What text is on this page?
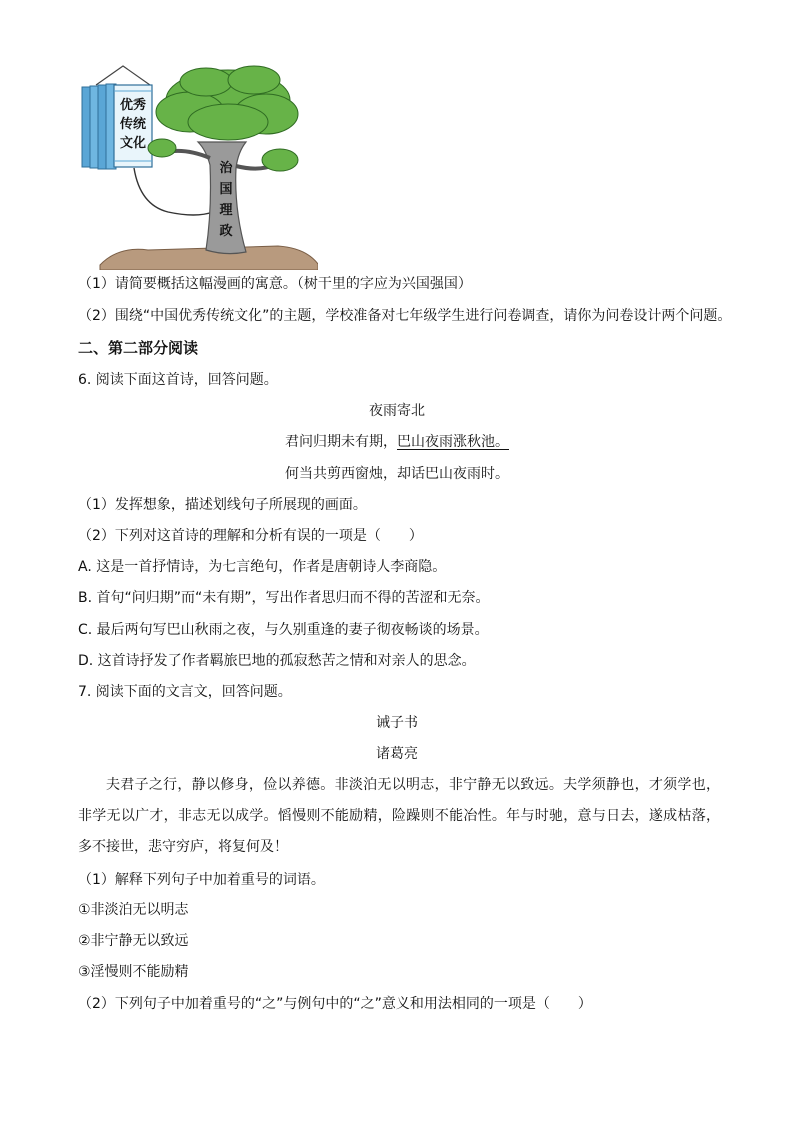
优秀
传统
文化
治
国
理
政
（1）请简要概括这幅漫画的寓意。（树干里的字应为兴国强国）
（2）围绕“中国优秀传统文化”的主题，学校准备对七年级学生进行问卷调查，请你为问卷设计两个问题。
二、第二部分阅读
6. 阅读下面这首诗，回答问题。
夜雨寄北
君问归期未有期，巴山夜雨涨秋池。
何当共剪西窗烛，却话巴山夜雨时。
（1）发挥想象，描述划线句子所展现的画面。
（2）下列对这首诗的理解和分析有误的一项是（　　）
A. 这是一首抒情诗，为七言绝句，作者是唐朝诗人李商隐。
B. 首句“问归期”而“未有期”，写出作者思归而不得的苦涩和无奈。
C. 最后两句写巴山秋雨之夜，与久别重逢的妻子彻夜畅谈的场景。
D. 这首诗抒发了作者羁旅巴地的孤寂愁苦之情和对亲人的思念。
7. 阅读下面的文言文，回答问题。
诫子书
诸葛亮
夫君子之行，静以修身，俭以养德。非淡泊无以明志，非宁静无以致远。夫学须静也，才须学也，非学无以广才，非志无以成学。慆慢则不能励精，险躁则不能冶性。年与时驰，意与日去，遂成枯落，多不接世，悲守穷庐，将复何及！
（1）解释下列句子中加着重号的词语。
①非淡泊无以明志
②非宁静无以致远
③淫慢则不能励精
（2）下列句子中加着重号的“之”与例句中的“之”意义和用法相同的一项是（　　）
